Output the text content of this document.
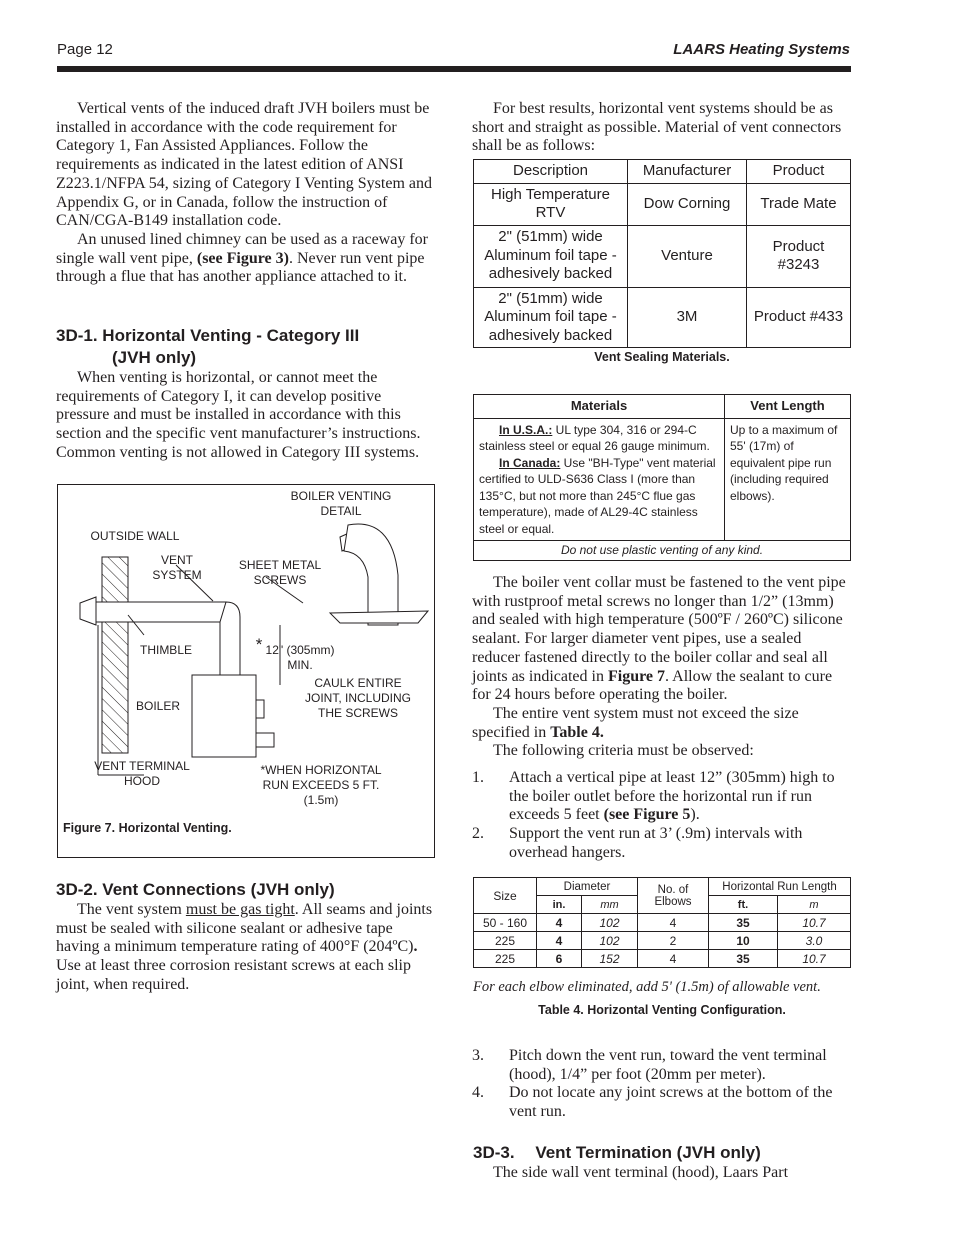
Page 12	LAARS Heating Systems

Vertical vents of the induced draft JVH boilers must be installed in accordance with the code requirement for Category 1, Fan Assisted Appliances. Follow the requirements as indicated in the latest edition of ANSI Z223.1/NFPA 54, sizing of Category I Venting System and Appendix G, or in Canada, follow the instruction of CAN/CGA-B149 installation code.

An unused lined chimney can be used as a raceway for single wall vent pipe, (see Figure 3). Never run vent pipe through a flue that has another appliance attached to it.

3D-1. Horizontal Venting - Category III
(JVH only)

When venting is horizontal, or cannot meet the requirements of Category I, it can develop positive pressure and must be installed in accordance with this section and the specific vent manufacturer’s instructions. Common venting is not allowed in Category III systems.

BOILER VENTING DETAIL
OUTSIDE WALL
VENT SYSTEM
SHEET METAL SCREWS
THIMBLE	* 12" (305mm) MIN.
CAULK ENTIRE JOINT, INCLUDING THE SCREWS
BOILER
VENT TERMINAL HOOD
*WHEN HORIZONTAL RUN EXCEEDS 5 FT. (1.5m)
Figure 7. Horizontal Venting.
3D-2. Vent Connections (JVH only)

The vent system must be gas tight. All seams and joints must be sealed with silicone sealant or adhesive tape having a minimum temperature rating of 400°F (204ºC). Use at least three corrosion resistant screws at each slip joint, when required.

For best results, horizontal vent systems should be as short and straight as possible. Material of vent connectors shall be as follows:

Description	Manufacturer	Product
High Temperature RTV	Dow Corning	Trade Mate
2" (51mm) wide Aluminum foil tape - adhesively backed	Venture	Product #3243
2" (51mm) wide Aluminum foil tape - adhesively backed	3M	Product #433
Vent Sealing Materials.
Materials	Vent Length

In U.S.A.: UL type 304, 316 or 294-C stainless steel or equal 26 gauge minimum.
In Canada: Use "BH-Type" vent material certified to ULD-S636 Class I (more than 135°C, but not more than 245°C flue gas temperature), made of AL29-4C stainless steel or equal.	Up to a maximum of 55' (17m) of equivalent pipe run (including required elbows).
Do not use plastic venting of any kind.	

The boiler vent collar must be fastened to the vent pipe with rustproof metal screws no longer than 1/2” (13mm) and sealed with high temperature (500ºF / 260ºC) silicone sealant. For larger diameter vent pipes, use a sealed reducer fastened directly to the boiler collar and seal all joints as indicated in Figure 7. Allow the sealant to cure for 24 hours before operating the boiler.

The entire vent system must not exceed the size specified in Table 4.

The following criteria must be observed:

1.	Attach a vertical pipe at least 12” (305mm) high to the boiler outlet before the horizontal run if run exceeds 5 feet (see Figure 5).
2.	Support the vent run at 3’ (.9m) intervals with overhead hangers.
Size	Diameter		No. of Elbows	Horizontal Run Length	
	in.	mm		ft.	m
50 - 160	4	102	4	35	10.7
225	4	102	2	10	3.0
225	6	152	4	35	10.7
For each elbow eliminated, add 5' (1.5m) of allowable vent.
Table 4. Horizontal Venting Configuration.
3.	Pitch down the vent run, toward the vent terminal (hood), 1/4” per foot (20mm per meter).
4.	Do not locate any joint screws at the bottom of the vent run.
3D-3. Vent Termination (JVH only)

The side wall vent terminal (hood), Laars Part
